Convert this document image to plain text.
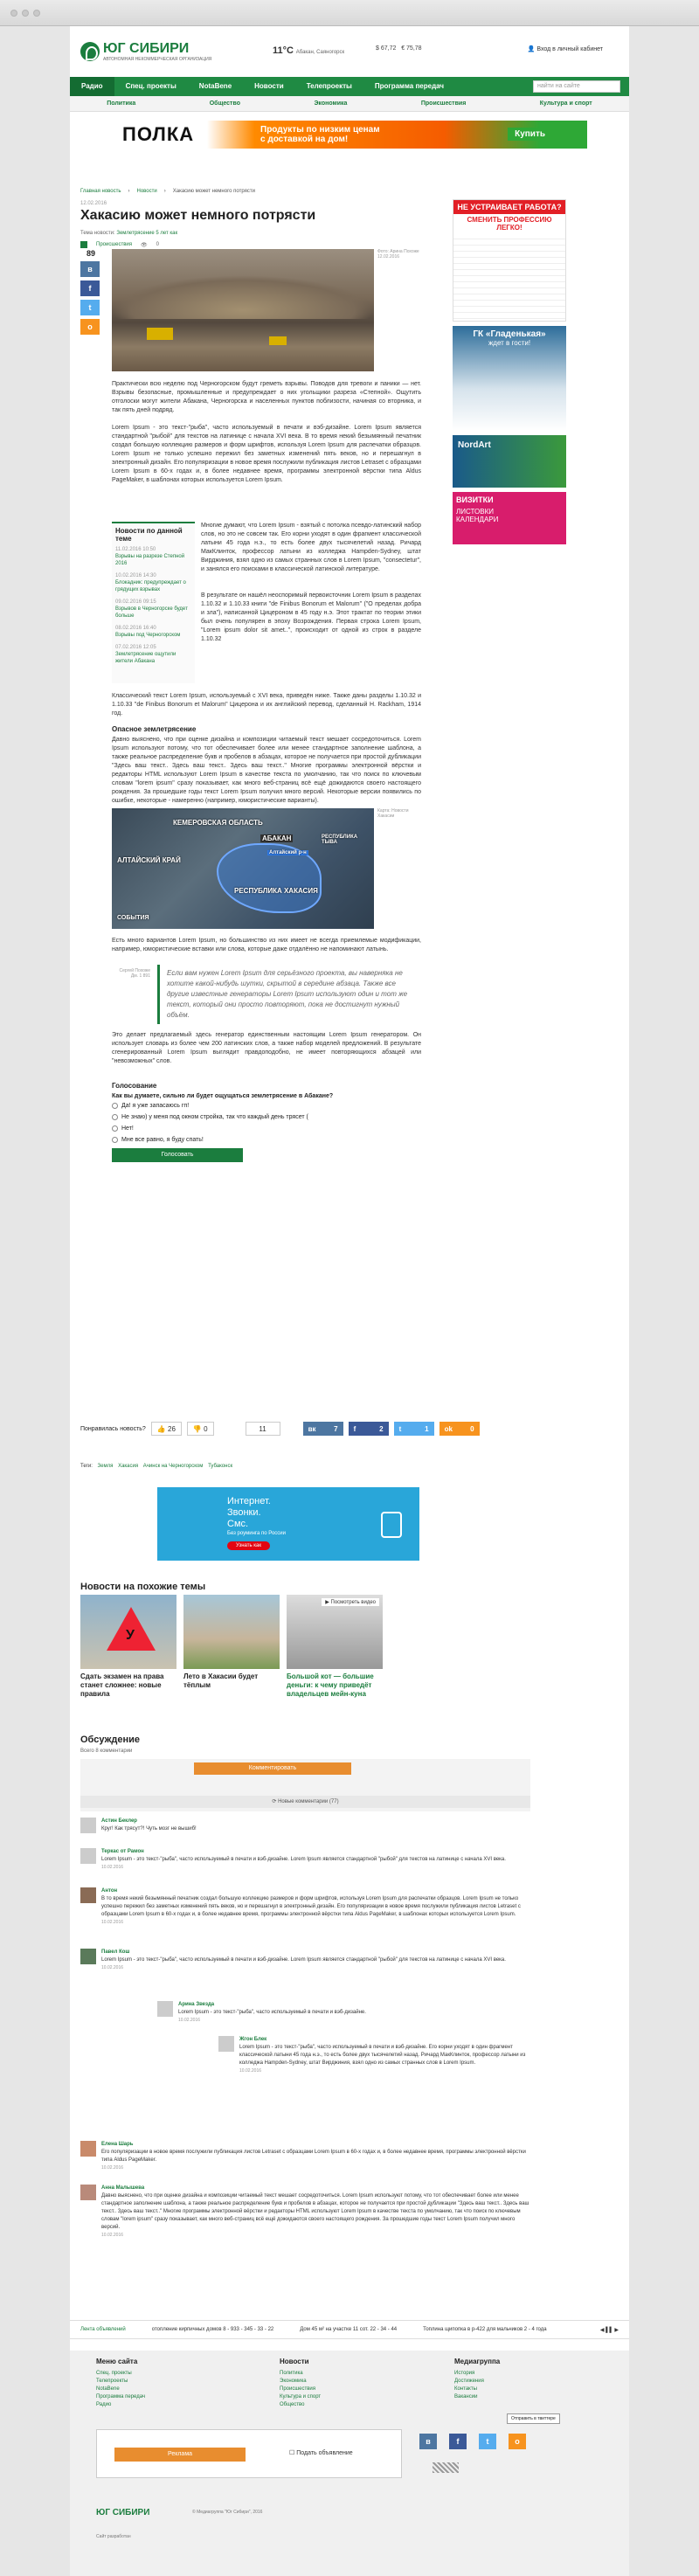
ЮГ СИБИРИ
АВТОНОМНАЯ НЕКОММЕРЧЕСКАЯ ОРГАНИЗАЦИЯ
11°C Абакан, Саяногорск
$ 67,72 € 75,78	👤 Вход в личный кабинет
Радио	Спец. проекты	NotaBene	Новости	Телепроекты	Программа передач	найти на сайте
Политика	Общество	Экономика	Происшествия	Культура и спорт
ПОЛКА	Продукты по низким ценам
с доставкой на дом!
Купить
Главная новость › Новости › Хакасию может немного потрясти
12.02.2016
Хакасию может немного потрясти
Тема новости: Землетрясение 5 лет как
Происшествия 👁 0
89
в
f
t
o
Фото: Арина Похоже 12.02.2016
Практически всю неделю под Черногорском будут греметь взрывы. Поводов для тревоги и паники — нет. Взрывы безопасные, промышленные и предупреждает о них угольщики разреза «Степной». Ощутить отголоски могут жители Абакана, Черногорска и населенных пунктов поблизости, начиная со вторника, и так пять дней подряд.
Lorem Ipsum - это текст-"рыба", часто используемый в печати и вэб-дизайне. Lorem Ipsum является стандартной "рыбой" для текстов на латинице с начала XVI века. В то время некий безымянный печатник создал большую коллекцию размеров и форм шрифтов, используя Lorem Ipsum для распечатки образцов. Lorem Ipsum не только успешно пережил без заметных изменений пять веков, но и перешагнул в электронный дизайн. Его популяризации в новое время послужили публикация листов Letraset с образцами Lorem Ipsum в 60-х годах и, в более недавнее время, программы электронной вёрстки типа Aldus PageMaker, в шаблонах которых используется Lorem Ipsum.
Новости по данной теме
11.02.2016 10:50
Взрывы на разрезе Степной 2016
10.02.2016 14:30
Блокадник: предупреждает о грядущих взрывах
09.02.2016 09:15
Взрывов в Черногорске будет больше
08.02.2016 16:40
Взрывы под Черногорском
07.02.2016 12:05
Землетрясение ощутили жители Абакана
Многие думают, что Lorem Ipsum - взятый с потолка псевдо-латинский набор слов, но это не совсем так. Его корни уходят в один фрагмент классической латыни 45 года н.э., то есть более двух тысячелетий назад. Ричард МакКлинток, профессор латыни из колледжа Hampden-Sydney, штат Вирджиния, взял одно из самых странных слов в Lorem Ipsum, "consectetur", и занялся его поисками в классической латинской литературе.
В результате он нашёл неоспоримый первоисточник Lorem Ipsum в разделах 1.10.32 и 1.10.33 книги "de Finibus Bonorum et Malorum" ("О пределах добра и зла"), написанной Цицероном в 45 году н.э. Этот трактат по теории этики был очень популярен в эпоху Возрождения. Первая строка Lorem Ipsum, "Lorem ipsum dolor sit amet..", происходит от одной из строк в разделе 1.10.32
Классический текст Lorem Ipsum, используемый с XVI века, приведён ниже. Также даны разделы 1.10.32 и 1.10.33 "de Finibus Bonorum et Malorum" Цицерона и их английский перевод, сделанный H. Rackham, 1914 год.
Опасное землетрясение
Давно выяснено, что при оценке дизайна и композиции читаемый текст мешает сосредоточиться. Lorem Ipsum используют потому, что тот обеспечивает более или менее стандартное заполнение шаблона, а также реальное распределение букв и пробелов в абзацах, которое не получается при простой дубликации "Здесь ваш текст.. Здесь ваш текст.. Здесь ваш текст.." Многие программы электронной вёрстки и редакторы HTML используют Lorem Ipsum в качестве текста по умолчанию, так что поиск по ключевым словам "lorem ipsum" сразу показывает, как много веб-страниц всё ещё дожидаются своего настоящего рождения. За прошедшие годы текст Lorem Ipsum получил много версий. Некоторые версии появились по ошибке, некоторые - намеренно (например, юмористические варианты).
КЕМЕРОВСКАЯ ОБЛАСТЬ
АЛТАЙСКИЙ КРАЙ
РЕСПУБЛИКА ХАКАСИЯ
АБАКАН
Алтайский р-н
РЕСПУБЛИКА ТЫВА
СОБЫТИЯ
Карта: Новости Хакасии
Есть много вариантов Lorem Ipsum, но большинство из них имеет не всегда приемлемые модификации, например, юмористические вставки или слова, которые даже отдалённо не напоминают латынь.
Сергей Похоже
Дм. 1 891	Если вам нужен Lorem Ipsum для серьёзного проекта, вы наверняка не хотите какой-нибудь шутки, скрытой в середине абзаца. Также все другие известные генераторы Lorem Ipsum используют один и тот же текст, который они просто повторяют, пока не достигнут нужный объём.
Это делает предлагаемый здесь генератор единственным настоящим Lorem Ipsum генератором. Он использует словарь из более чем 200 латинских слов, а также набор моделей предложений. В результате сгенерированный Lorem Ipsum выглядит правдоподобно, не имеет повторяющихся абзацей или "невозможных" слов.
Голосование
Как вы думаете, сильно ли будет ощущаться землетрясение в Абакане?
Да! я уже запасаюсь гп!
Не знаю) у меня под окном стройка, так что каждый день трясет (
Нет!
Мне все равно, я буду спать!
Голосовать
Понравилась новость? 👍
26	👎
0	11	вк	7 f	2 t	1 ok	0
Теги: Земля Хакасия Ачинск на Черногорском Тубаконск
Интернет.
Звонки.
Смс.
Без роуминга по России
Узнать как
Новости на похожие темы
У
Сдать экзамен на права станет сложнее: новые правила
Лето в Хакасии будет тёплым
▶ Посмотреть видео
Большой кот — большие деньги: к чему приведёт владельцев мейн-куна
Обсуждение
Всего 8 комментарии
Комментировать
⟳ Новые комментарии (77)
Астин Беклер
Круг! Как трясут?! Чуть мозг не вышиб!
Теркас от Рамон
Lorem Ipsum - это текст-"рыба", часто используемый в печати и вэб-дизайне. Lorem Ipsum является стандартной "рыбой" для текстов на латинице с начала XVI века.
10.02.2016
Антон
В то время некий безымянный печатник создал большую коллекцию размеров и форм шрифтов, используя Lorem Ipsum для распечатки образцов. Lorem Ipsum не только успешно пережил без заметных изменений пять веков, но и перешагнул в электронный дизайн. Его популяризации в новое время послужили публикация листов Letraset с образцами Lorem Ipsum в 60-х годах и, в более недавнее время, программы электронной вёрстки типа Aldus PageMaker, в шаблонах которых используется Lorem Ipsum.
10.02.2016
Павел Кош
Lorem Ipsum - это текст-"рыба", часто используемый в печати и вэб-дизайне. Lorem Ipsum является стандартной "рыбой" для текстов на латинице с начала XVI века.
10.02.2016
Арина Звезда
Lorem Ipsum - это текст-"рыба", часто используемый в печати и вэб-дизайне.
10.02.2016
Жгон Блек
Lorem Ipsum - это текст-"рыба", часто используемый в печати и вэб-дизайне. Его корни уходят в один фрагмент классической латыни 45 года н.э., то есть более двух тысячелетий назад. Ричард МакКлинток, профессор латыни из колледжа Hampden-Sydney, штат Вирджиния, взял одно из самых странных слов в Lorem Ipsum.
10.02.2016
Елена Шарь
Его популяризации в новое время послужили публикация листов Letraset с образцами Lorem Ipsum в 60-х годах и, в более недавнее время, программы электронной вёрстки типа Aldus PageMaker.
10.02.2016
Анна Малышева
Давно выяснено, что при оценке дизайна и композиции читаемый текст мешает сосредоточиться. Lorem Ipsum используют потому, что тот обеспечивает более или менее стандартное заполнение шаблона, а также реальное распределение букв и пробелов в абзацах, которое не получается при простой дубликации "Здесь ваш текст.. Здесь ваш текст.. Здесь ваш текст.." Многие программы электронной вёрстки и редакторы HTML используют Lorem Ipsum в качестве текста по умолчанию, так что поиск по ключевым словам "lorem ipsum" сразу показывает, как много веб-страниц всё ещё дожидаются своего настоящего рождения. За прошедшие годы текст Lorem Ipsum получил много версий.
10.02.2016
Лента объявлений	отопление кирпичных домов 8 - 933 - 345 - 33 - 22	Дом 45 м² на участке 11 сот. 22 - 34 - 44	Топлина щипопка в р-422 для мальчиков 2 - 4 года	◀ ▌▌ ▶
Меню сайта
Спец. проекты
Телепроекты
NotaBene
Программа передач
Радио
Новости
Политика
Экономика
Происшествия
Культура и спорт
Общество
Медиагруппа
История
Достижения
Контакты
Вакансии
Реклама	☐ Подать объявление
в	f	t	o
Отправить в твиттере
ЮГ СИБИРИ	© Медиагруппа "Юг Сибири", 2016
Сайт разработан
НЕ УСТРАИВАЕТ РАБОТА?
СМЕНИТЬ ПРОФЕССИЮ ЛЕГКО!
ГК «Гладенькая»
ждет в гости!
NordArt
ВИЗИТКИ
ЛИСТОВКИ
КАЛЕНДАРИ
